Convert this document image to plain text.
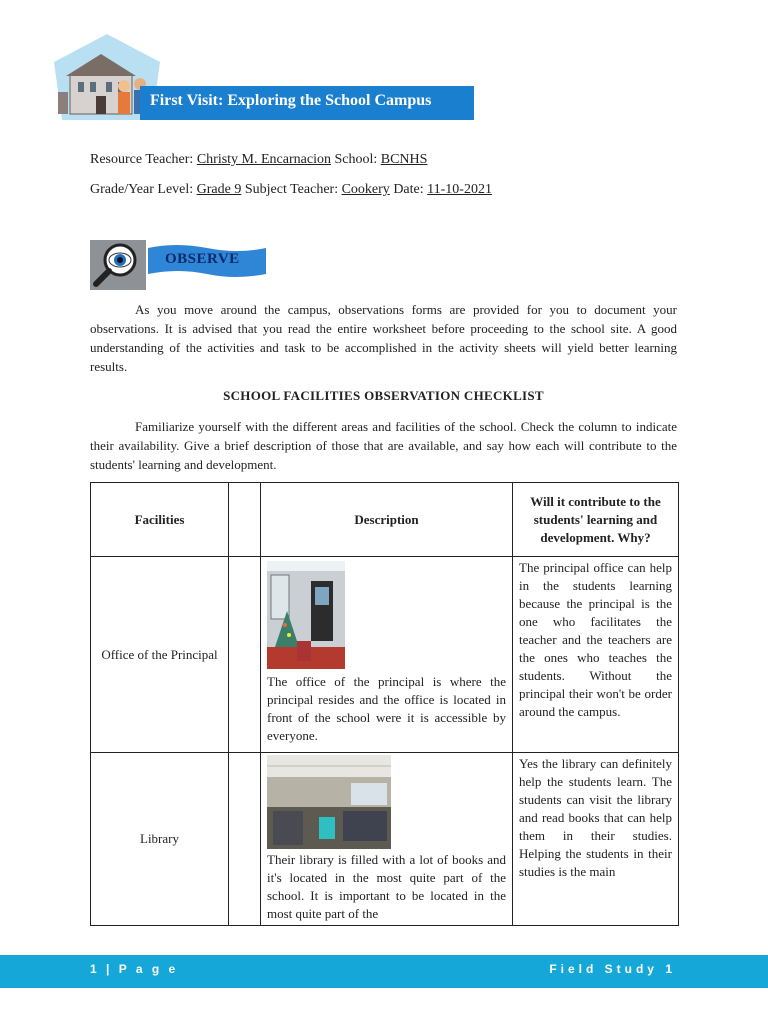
First Visit: Exploring the School Campus
Resource Teacher: Christy M. Encarnacion School: BCNHS
Grade/Year Level: Grade 9 Subject Teacher: Cookery Date: 11-10-2021
OBSERVE

As you move around the campus, observations forms are provided for you to document your observations. It is advised that you read the entire worksheet before proceeding to the school site. A good understanding of the activities and task to be accomplished in the activity sheets will yield better learning results.

SCHOOL FACILITIES OBSERVATION CHECKLIST

Familiarize yourself with the different areas and facilities of the school. Check the column to indicate their availability. Give a brief description of those that are available, and say how each will contribute to the students' learning and development.

Facilities		Description	Will it contribute to the students' learning and development. Why?
Office of the Principal		The office of the principal is where the principal resides and the office is located in front of the school were it is accessible by everyone.	The principal office can help in the students learning because the principal is the one who facilitates the teacher and the teachers are the ones who teaches the students. Without the principal their won't be order around the campus.

Library		Their library is filled with a lot of books and it's located in the most quite part of the school. It is important to be located in the most quite part of the	Yes the library can definitely help the students learn. The students can visit the library and read books that can help them in their studies. Helping the students in their studies is the main

1 | P a g e	Field Study 1
